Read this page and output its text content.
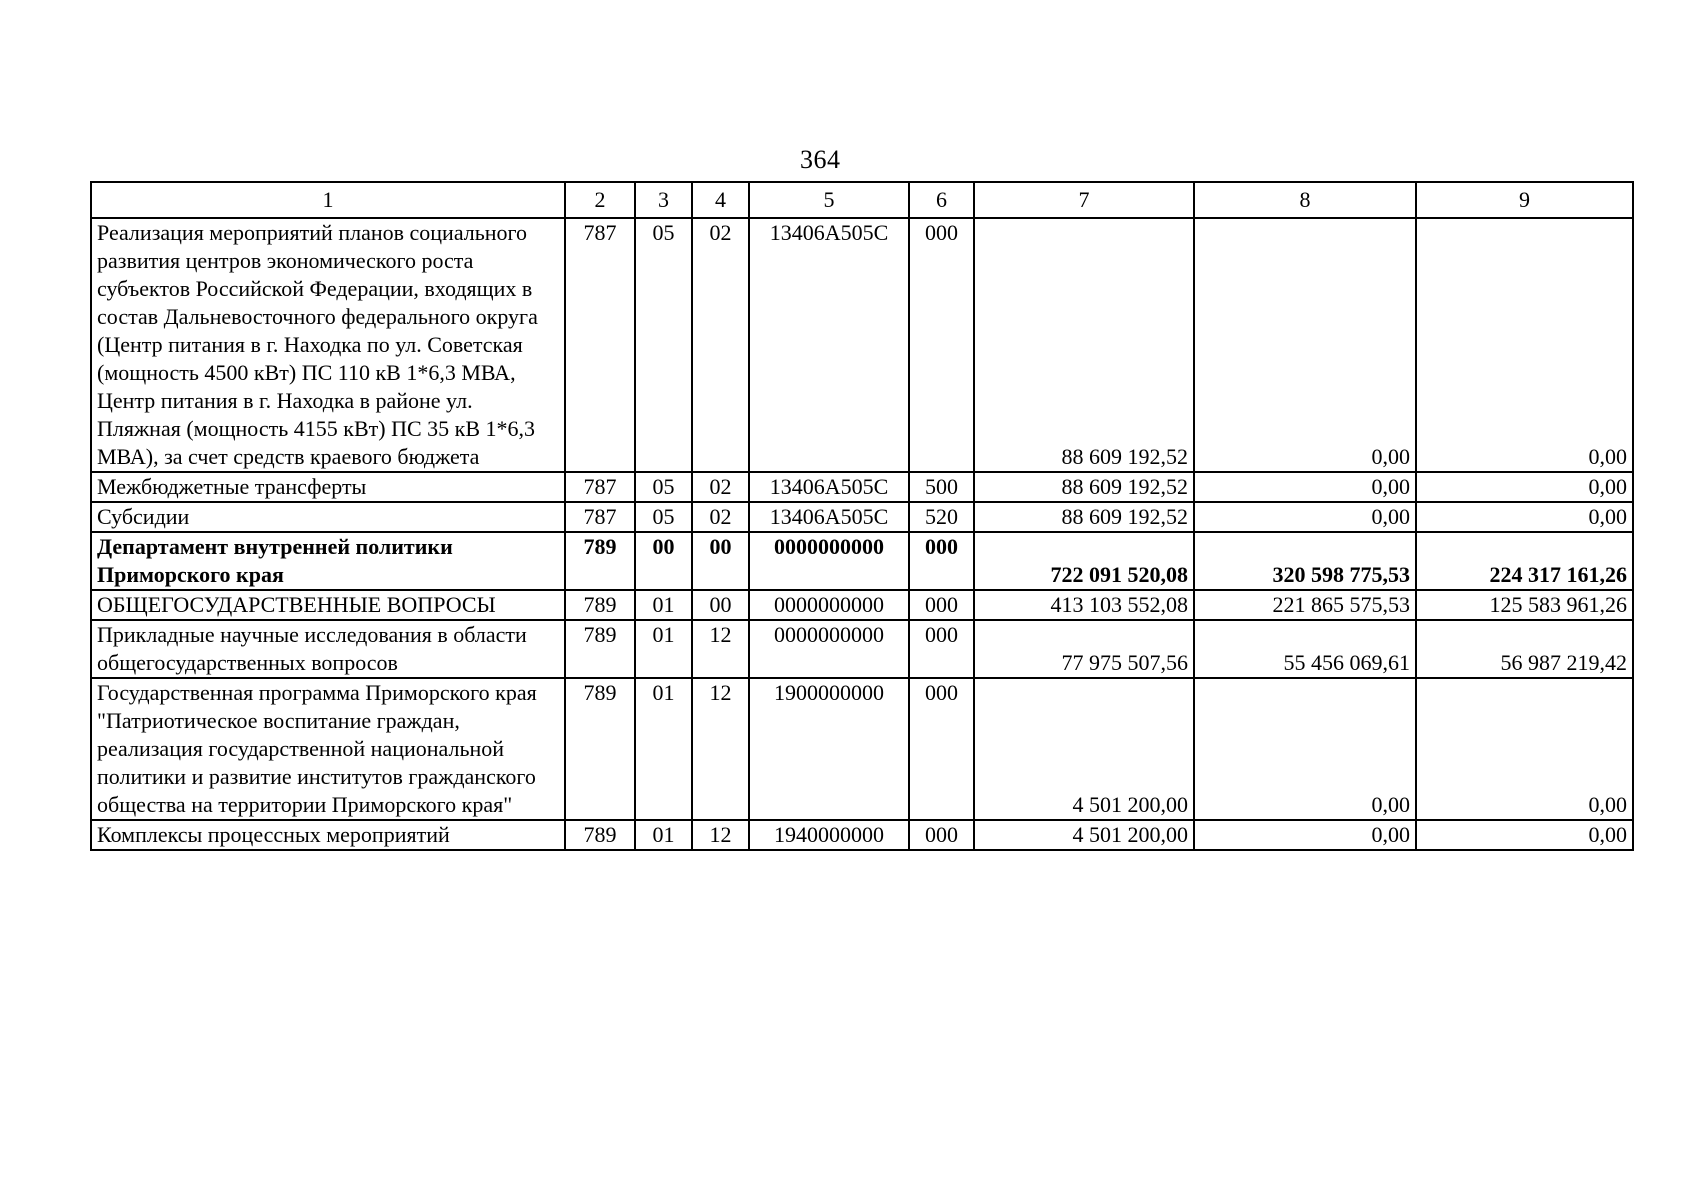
364
1	2	3	4	5	6	7	8	9
Реализация мероприятий планов социального развития центров экономического роста субъектов Российской Федерации, входящих в состав Дальневосточного федерального округа (Центр питания в г. Находка по ул. Советская (мощность 4500 кВт) ПС 110 кВ 1*6,3 МВА, Центр питания в г. Находка в районе ул. Пляжная (мощность 4155 кВт) ПС 35 кВ 1*6,3 МВА), за счет средств краевого бюджета	787	05	02	13406А505С	000	88 609 192,52	0,00	0,00
Межбюджетные трансферты	787	05	02	13406А505С	500	88 609 192,52	0,00	0,00
Субсидии	787	05	02	13406А505С	520	88 609 192,52	0,00	0,00
Департамент внутренней политики Приморского края	789	00	00	0000000000	000	722 091 520,08	320 598 775,53	224 317 161,26
ОБЩЕГОСУДАРСТВЕННЫЕ ВОПРОСЫ	789	01	00	0000000000	000	413 103 552,08	221 865 575,53	125 583 961,26
Прикладные научные исследования в области общегосударственных вопросов	789	01	12	0000000000	000	77 975 507,56	55 456 069,61	56 987 219,42
Государственная программа Приморского края "Патриотическое воспитание граждан, реализация государственной национальной политики и развитие институтов гражданского общества на территории Приморского края"	789	01	12	1900000000	000	4 501 200,00	0,00	0,00
Комплексы процессных мероприятий	789	01	12	1940000000	000	4 501 200,00	0,00	0,00
